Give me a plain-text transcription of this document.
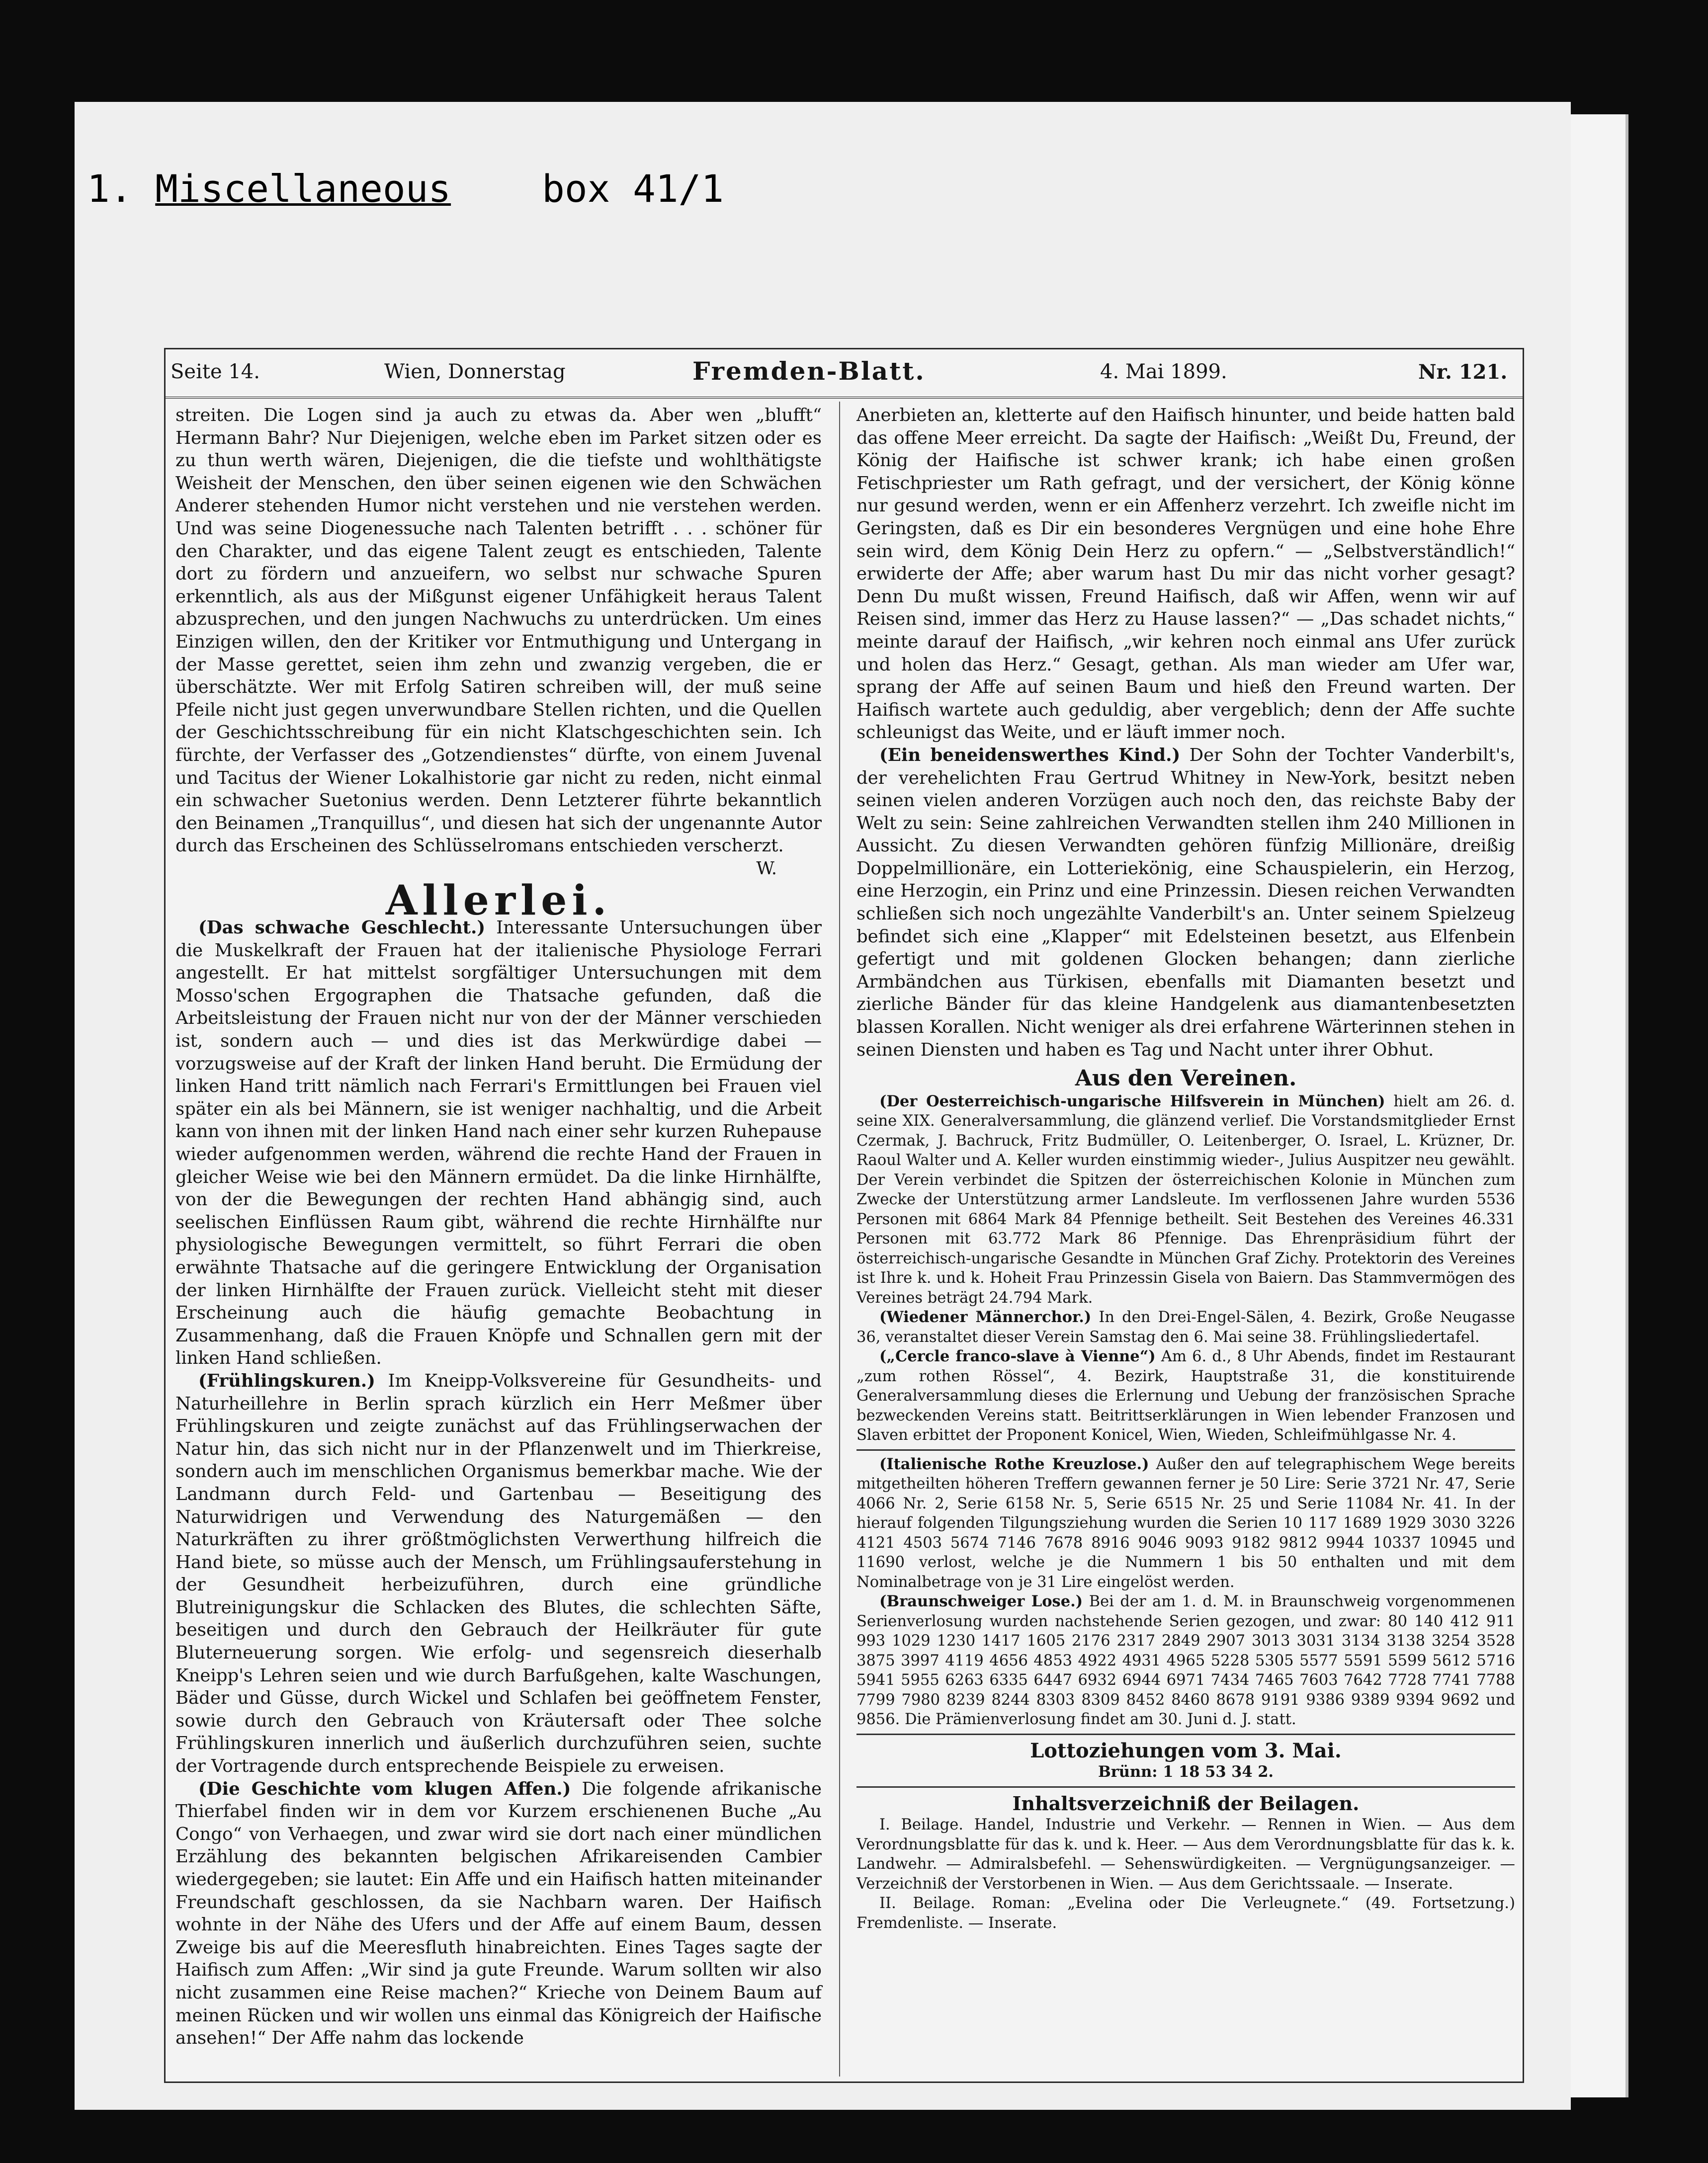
1. Miscellaneous box 41/1
Seite 14.	Wien, Donnerstag	Fremden-Blatt.	4. Mai 1899.	Nr. 121.

streiten. Die Logen sind ja auch zu etwas da. Aber wen „blufft“ Hermann Bahr? Nur Diejenigen, welche eben im Parket sitzen oder es zu thun werth wären, Diejenigen, die die tiefste und wohlthätigste Weisheit der Menschen, den über seinen eigenen wie den Schwächen Anderer stehenden Humor nicht verstehen und nie verstehen werden. Und was seine Diogenessuche nach Talenten betrifft . . . schöner für den Charakter, und das eigene Talent zeugt es entschieden, Talente dort zu fördern und anzueifern, wo selbst nur schwache Spuren erkenntlich, als aus der Mißgunst eigener Unfähigkeit heraus Talent abzusprechen, und den jungen Nachwuchs zu unterdrücken. Um eines Einzigen willen, den der Kritiker vor Entmuthigung und Untergang in der Masse gerettet, seien ihm zehn und zwanzig vergeben, die er überschätzte. Wer mit Erfolg Satiren schreiben will, der muß seine Pfeile nicht just gegen unverwundbare Stellen richten, und die Quellen der Geschichtsschreibung für ein nicht Klatschgeschichten sein. Ich fürchte, der Verfasser des „Gotzendienstes“ dürfte, von einem Juvenal und Tacitus der Wiener Lokalhistorie gar nicht zu reden, nicht einmal ein schwacher Suetonius werden. Denn Letzterer führte bekanntlich den Beinamen „Tranquillus“, und diesen hat sich der ungenannte Autor durch das Erscheinen des Schlüsselromans entschieden verscherzt.

W.

Allerlei.

(Das schwache Geschlecht.) Interessante Untersuchungen über die Muskelkraft der Frauen hat der italienische Physiologe Ferrari angestellt. Er hat mittelst sorgfältiger Untersuchungen mit dem Mosso'schen Ergographen die Thatsache gefunden, daß die Arbeitsleistung der Frauen nicht nur von der der Männer verschieden ist, sondern auch — und dies ist das Merkwürdige dabei — vorzugsweise auf der Kraft der linken Hand beruht. Die Ermüdung der linken Hand tritt nämlich nach Ferrari's Ermittlungen bei Frauen viel später ein als bei Männern, sie ist weniger nachhaltig, und die Arbeit kann von ihnen mit der linken Hand nach einer sehr kurzen Ruhepause wieder aufgenommen werden, während die rechte Hand der Frauen in gleicher Weise wie bei den Männern ermüdet. Da die linke Hirnhälfte, von der die Bewegungen der rechten Hand abhängig sind, auch seelischen Einflüssen Raum gibt, während die rechte Hirnhälfte nur physiologische Bewegungen vermittelt, so führt Ferrari die oben erwähnte Thatsache auf die geringere Entwicklung der Organisation der linken Hirnhälfte der Frauen zurück. Vielleicht steht mit dieser Erscheinung auch die häufig gemachte Beobachtung in Zusammenhang, daß die Frauen Knöpfe und Schnallen gern mit der linken Hand schließen.

(Frühlingskuren.) Im Kneipp-Volksvereine für Gesundheits- und Naturheillehre in Berlin sprach kürzlich ein Herr Meßmer über Frühlingskuren und zeigte zunächst auf das Frühlingserwachen der Natur hin, das sich nicht nur in der Pflanzenwelt und im Thierkreise, sondern auch im menschlichen Organismus bemerkbar mache. Wie der Landmann durch Feld- und Gartenbau — Beseitigung des Naturwidrigen und Verwendung des Naturgemäßen — den Naturkräften zu ihrer größtmöglichsten Verwerthung hilfreich die Hand biete, so müsse auch der Mensch, um Frühlingsauferstehung in der Gesundheit herbeizuführen, durch eine gründliche Blutreinigungskur die Schlacken des Blutes, die schlechten Säfte, beseitigen und durch den Gebrauch der Heilkräuter für gute Bluterneuerung sorgen. Wie erfolg- und segensreich dieserhalb Kneipp's Lehren seien und wie durch Barfußgehen, kalte Waschungen, Bäder und Güsse, durch Wickel und Schlafen bei geöffnetem Fenster, sowie durch den Gebrauch von Kräutersaft oder Thee solche Frühlingskuren innerlich und äußerlich durchzuführen seien, suchte der Vortragende durch entsprechende Beispiele zu erweisen.

(Die Geschichte vom klugen Affen.) Die folgende afrikanische Thierfabel finden wir in dem vor Kurzem erschienenen Buche „Au Congo“ von Verhaegen, und zwar wird sie dort nach einer mündlichen Erzählung des bekannten belgischen Afrikareisenden Cambier wiedergegeben; sie lautet: Ein Affe und ein Haifisch hatten miteinander Freundschaft geschlossen, da sie Nachbarn waren. Der Haifisch wohnte in der Nähe des Ufers und der Affe auf einem Baum, dessen Zweige bis auf die Meeresfluth hinabreichten. Eines Tages sagte der Haifisch zum Affen: „Wir sind ja gute Freunde. Warum sollten wir also nicht zusammen eine Reise machen?“ Krieche von Deinem Baum auf meinen Rücken und wir wollen uns einmal das Königreich der Haifische ansehen!“ Der Affe nahm das lockende

Anerbieten an, kletterte auf den Haifisch hinunter, und beide hatten bald das offene Meer erreicht. Da sagte der Haifisch: „Weißt Du, Freund, der König der Haifische ist schwer krank; ich habe einen großen Fetischpriester um Rath gefragt, und der versichert, der König könne nur gesund werden, wenn er ein Affenherz verzehrt. Ich zweifle nicht im Geringsten, daß es Dir ein besonderes Vergnügen und eine hohe Ehre sein wird, dem König Dein Herz zu opfern.“ — „Selbstverständlich!“ erwiderte der Affe; aber warum hast Du mir das nicht vorher gesagt? Denn Du mußt wissen, Freund Haifisch, daß wir Affen, wenn wir auf Reisen sind, immer das Herz zu Hause lassen?“ — „Das schadet nichts,“ meinte darauf der Haifisch, „wir kehren noch einmal ans Ufer zurück und holen das Herz.“ Gesagt, gethan. Als man wieder am Ufer war, sprang der Affe auf seinen Baum und hieß den Freund warten. Der Haifisch wartete auch geduldig, aber vergeblich; denn der Affe suchte schleunigst das Weite, und er läuft immer noch.

(Ein beneidenswerthes Kind.) Der Sohn der Tochter Vanderbilt's, der verehelichten Frau Gertrud Whitney in New-York, besitzt neben seinen vielen anderen Vorzügen auch noch den, das reichste Baby der Welt zu sein: Seine zahlreichen Verwandten stellen ihm 240 Millionen in Aussicht. Zu diesen Verwandten gehören fünfzig Millionäre, dreißig Doppelmillionäre, ein Lotteriekönig, eine Schauspielerin, ein Herzog, eine Herzogin, ein Prinz und eine Prinzessin. Diesen reichen Verwandten schließen sich noch ungezählte Vanderbilt's an. Unter seinem Spielzeug befindet sich eine „Klapper“ mit Edelsteinen besetzt, aus Elfenbein gefertigt und mit goldenen Glocken behangen; dann zierliche Armbändchen aus Türkisen, ebenfalls mit Diamanten besetzt und zierliche Bänder für das kleine Handgelenk aus diamantenbesetzten blassen Korallen. Nicht weniger als drei erfahrene Wärterinnen stehen in seinen Diensten und haben es Tag und Nacht unter ihrer Obhut.

Aus den Vereinen.

(Der Oesterreichisch-ungarische Hilfsverein in München) hielt am 26. d. seine XIX. Generalversammlung, die glänzend verlief. Die Vorstandsmitglieder Ernst Czermak, J. Bachruck, Fritz Budmüller, O. Leitenberger, O. Israel, L. Krüzner, Dr. Raoul Walter und A. Keller wurden einstimmig wieder-, Julius Auspitzer neu gewählt. Der Verein verbindet die Spitzen der österreichischen Kolonie in München zum Zwecke der Unterstützung armer Landsleute. Im verflossenen Jahre wurden 5536 Personen mit 6864 Mark 84 Pfennige betheilt. Seit Bestehen des Vereines 46.331 Personen mit 63.772 Mark 86 Pfennige. Das Ehrenpräsidium führt der österreichisch-ungarische Gesandte in München Graf Zichy. Protektorin des Vereines ist Ihre k. und k. Hoheit Frau Prinzessin Gisela von Baiern. Das Stammvermögen des Vereines beträgt 24.794 Mark.

(Wiedener Männerchor.) In den Drei-Engel-Sälen, 4. Bezirk, Große Neugasse 36, veranstaltet dieser Verein Samstag den 6. Mai seine 38. Frühlingsliedertafel.

(„Cercle franco-slave à Vienne“) Am 6. d., 8 Uhr Abends, findet im Restaurant „zum rothen Rössel“, 4. Bezirk, Hauptstraße 31, die konstituirende Generalversammlung dieses die Erlernung und Uebung der französischen Sprache bezweckenden Vereins statt. Beitrittserklärungen in Wien lebender Franzosen und Slaven erbittet der Proponent Konicel, Wien, Wieden, Schleifmühlgasse Nr. 4.

(Italienische Rothe Kreuzlose.) Außer den auf telegraphischem Wege bereits mitgetheilten höheren Treffern gewannen ferner je 50 Lire: Serie 3721 Nr. 47, Serie 4066 Nr. 2, Serie 6158 Nr. 5, Serie 6515 Nr. 25 und Serie 11084 Nr. 41. In der hierauf folgenden Tilgungsziehung wurden die Serien 10 117 1689 1929 3030 3226 4121 4503 5674 7146 7678 8916 9046 9093 9182 9812 9944 10337 10945 und 11690 verlost, welche je die Nummern 1 bis 50 enthalten und mit dem Nominalbetrage von je 31 Lire eingelöst werden.

(Braunschweiger Lose.) Bei der am 1. d. M. in Braunschweig vorgenommenen Serienverlosung wurden nachstehende Serien gezogen, und zwar: 80 140 412 911 993 1029 1230 1417 1605 2176 2317 2849 2907 3013 3031 3134 3138 3254 3528 3875 3997 4119 4656 4853 4922 4931 4965 5228 5305 5577 5591 5599 5612 5716 5941 5955 6263 6335 6447 6932 6944 6971 7434 7465 7603 7642 7728 7741 7788 7799 7980 8239 8244 8303 8309 8452 8460 8678 9191 9386 9389 9394 9692 und 9856. Die Prämienverlosung findet am 30. Juni d. J. statt.

Lottoziehungen vom 3. Mai.
Brünn: 1 18 53 34 2.
Inhaltsverzeichniß der Beilagen.

I. Beilage. Handel, Industrie und Verkehr. — Rennen in Wien. — Aus dem Verordnungsblatte für das k. und k. Heer. — Aus dem Verordnungsblatte für das k. k. Landwehr. — Admiralsbefehl. — Sehenswürdigkeiten. — Vergnügungsanzeiger. — Verzeichniß der Verstorbenen in Wien. — Aus dem Gerichtssaale. — Inserate.

II. Beilage. Roman: „Evelina oder Die Verleugnete.“ (49. Fortsetzung.) Fremdenliste. — Inserate.
